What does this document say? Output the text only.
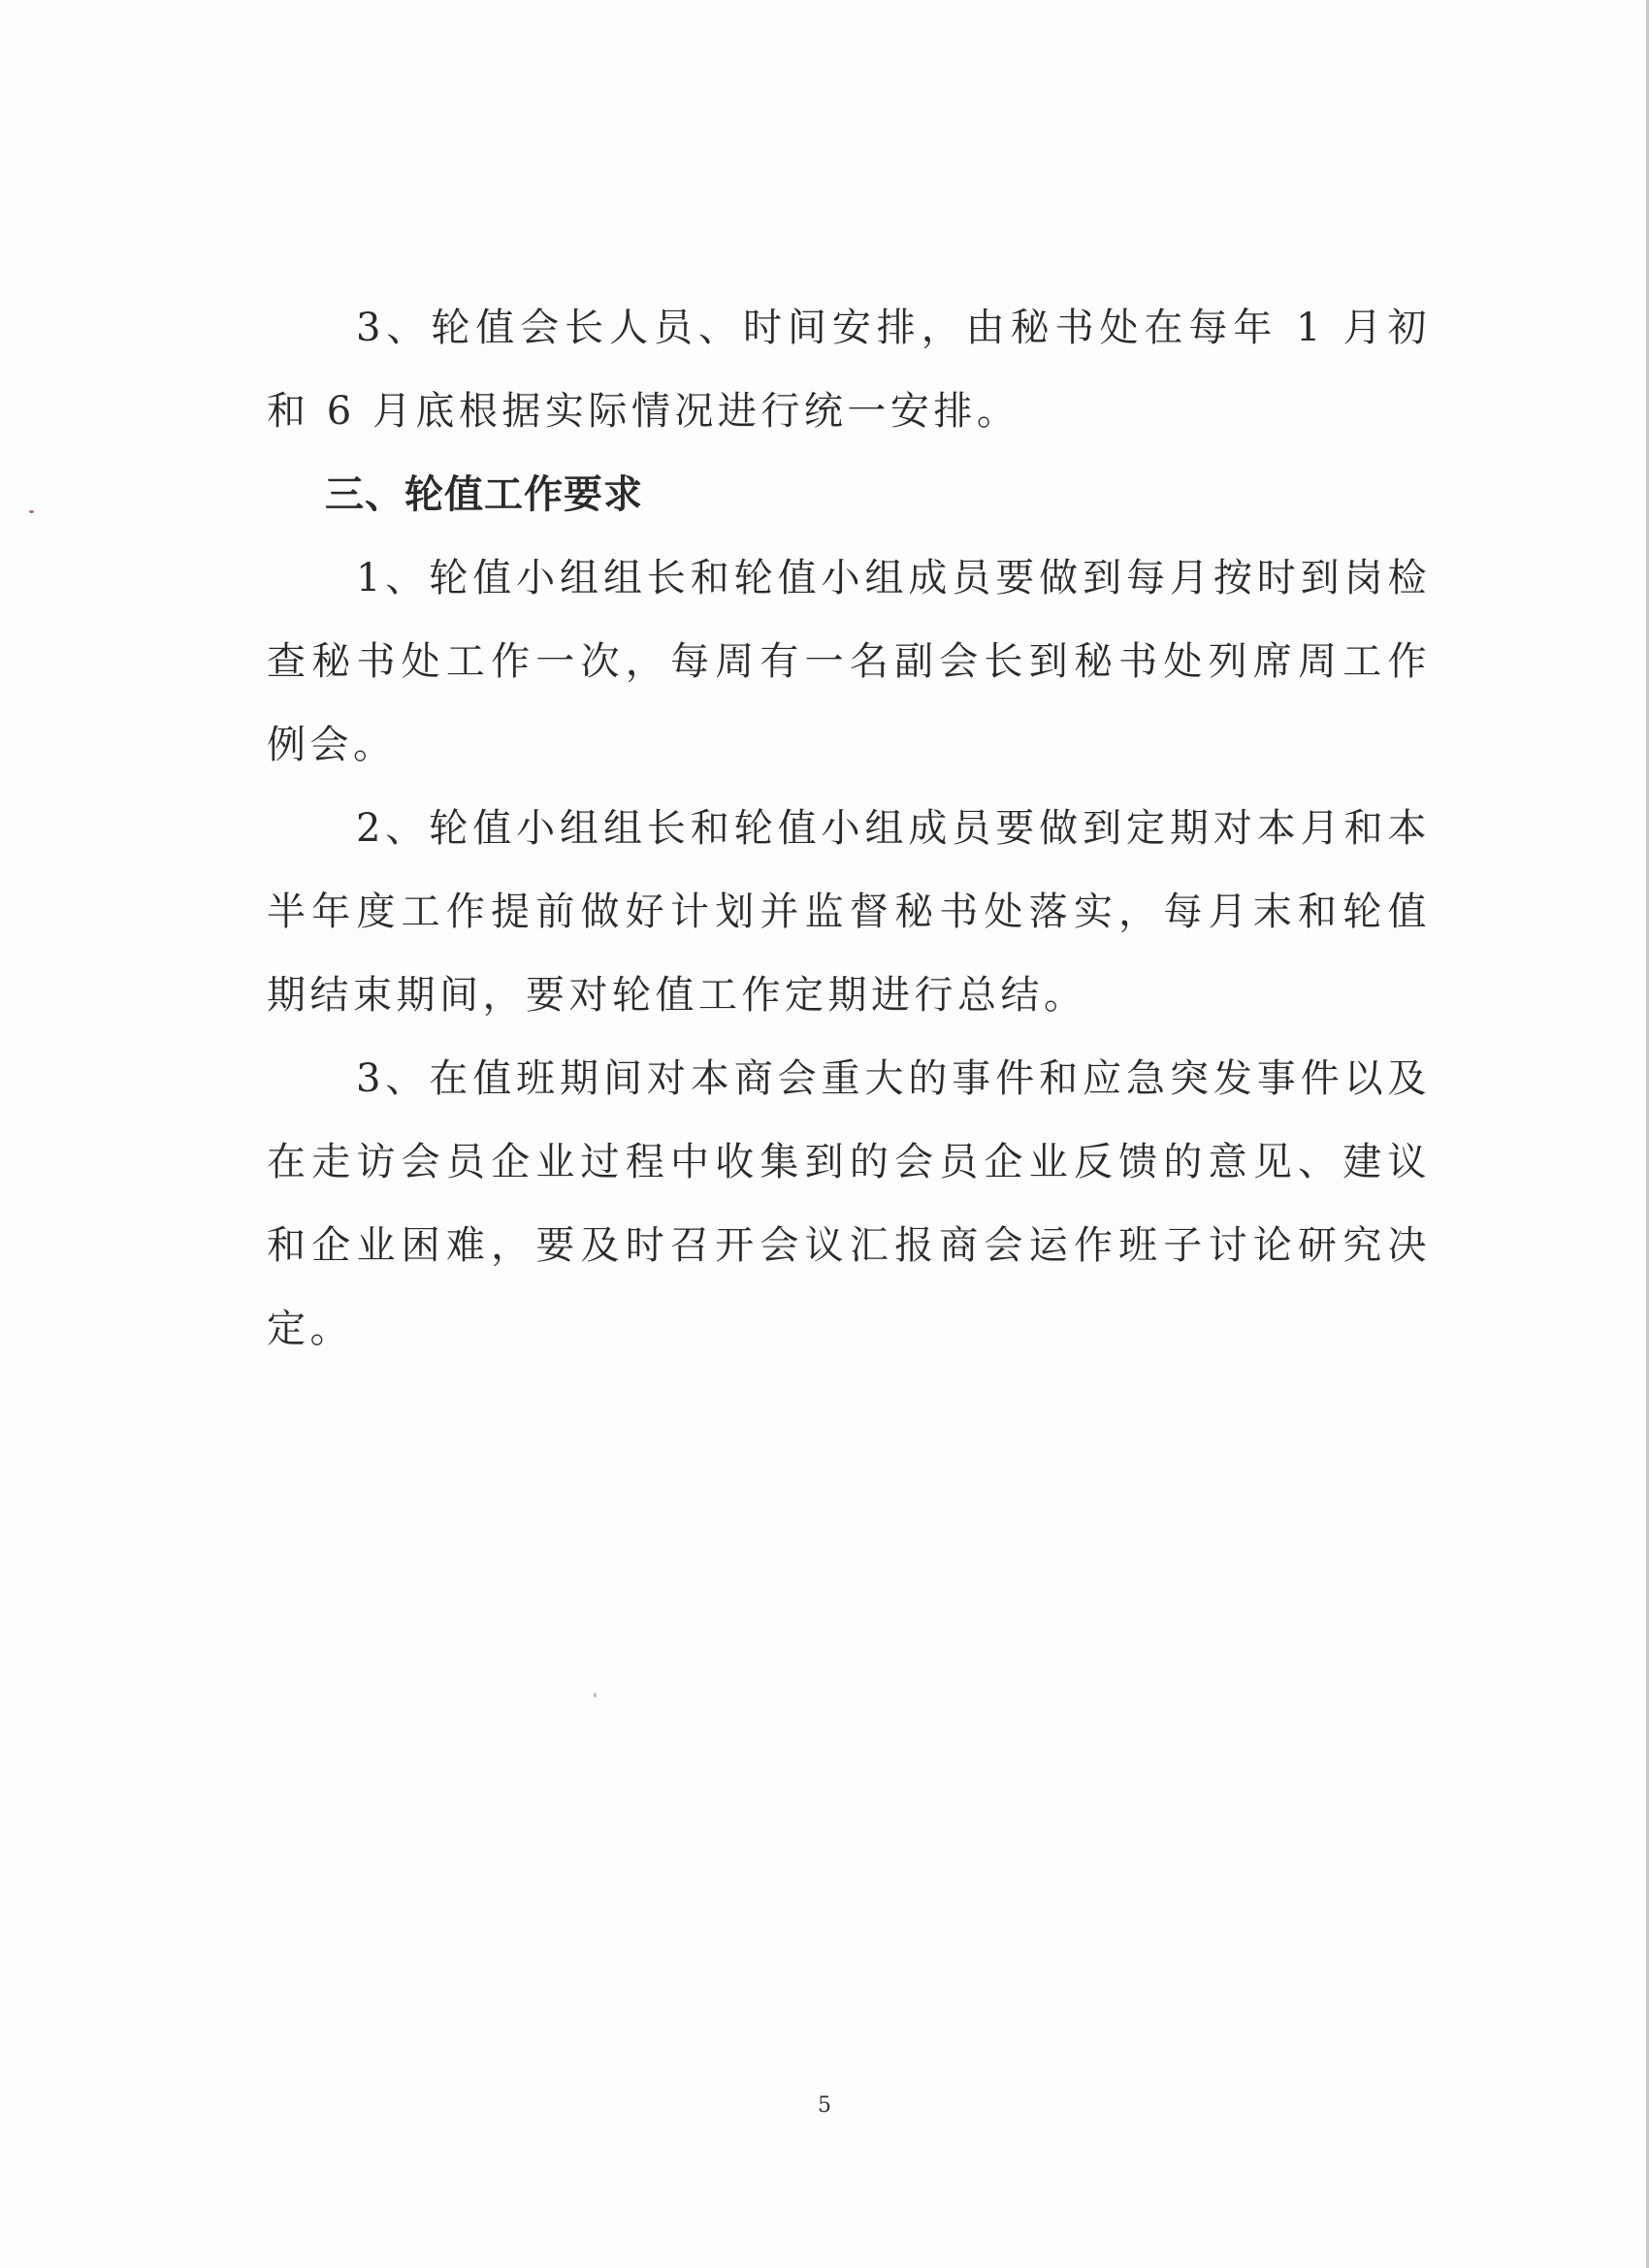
3、轮值会长人员、时间安排，由秘书处在每年 1 月初和 6 月底根据实际情况进行统一安排。

三、轮值工作要求

1、轮值小组组长和轮值小组成员要做到每月按时到岗检查秘书处工作一次，每周有一名副会长到秘书处列席周工作例会。

2、轮值小组组长和轮值小组成员要做到定期对本月和本半年度工作提前做好计划并监督秘书处落实，每月末和轮值期结束期间，要对轮值工作定期进行总结。

3、在值班期间对本商会重大的事件和应急突发事件以及在走访会员企业过程中收集到的会员企业反馈的意见、建议和企业困难，要及时召开会议汇报商会运作班子讨论研究决定。

5
